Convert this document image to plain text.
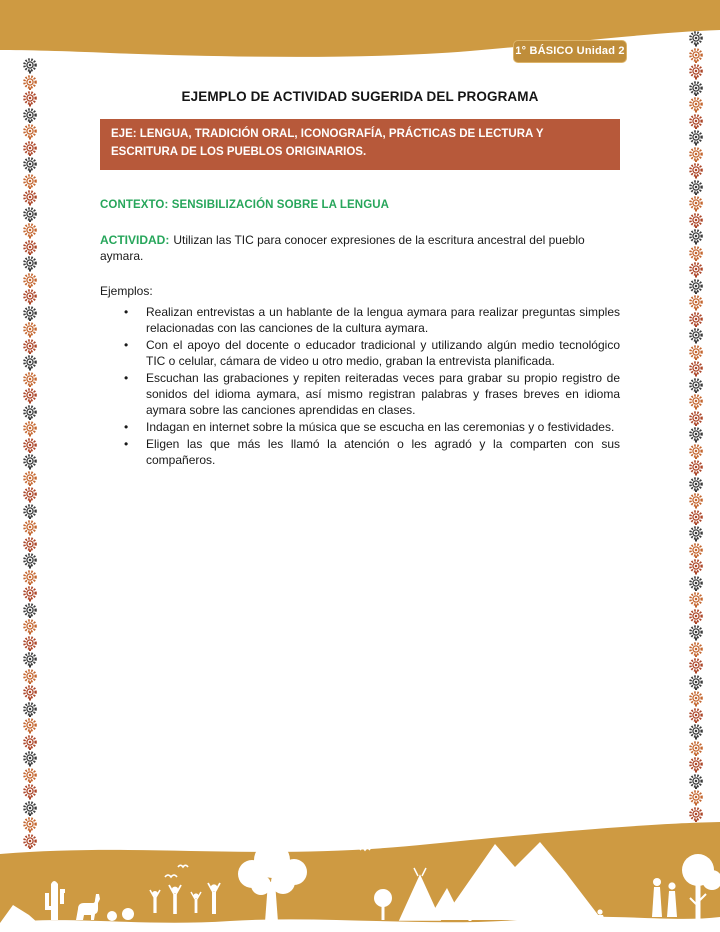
1° BÁSICO Unidad 2
EJEMPLO DE ACTIVIDAD SUGERIDA DEL PROGRAMA
EJE: LENGUA, TRADICIÓN ORAL, ICONOGRAFÍA, PRÁCTICAS DE LECTURA Y ESCRITURA DE LOS PUEBLOS ORIGINARIOS.
CONTEXTO: SENSIBILIZACIÓN SOBRE LA LENGUA

ACTIVIDAD: Utilizan las TIC para conocer expresiones de la escritura ancestral del pueblo aymara.

Ejemplos:

• Realizan entrevistas a un hablante de la lengua aymara para realizar preguntas simples relacionadas con las canciones de la cultura aymara.
• Con el apoyo del docente o educador tradicional y utilizando algún medio tecnológico TIC o celular, cámara de video u otro medio, graban la entrevista planificada.
• Escuchan las grabaciones y repiten reiteradas veces para grabar su propio registro de sonidos del idioma aymara, así mismo registran palabras y frases breves en idioma aymara sobre las canciones aprendidas en clases.
• Indagan en internet sobre la música que se escucha en las ceremonias y o festividades.
• Eligen las que más les llamó la atención o les agradó y la comparten con sus compañeros.
